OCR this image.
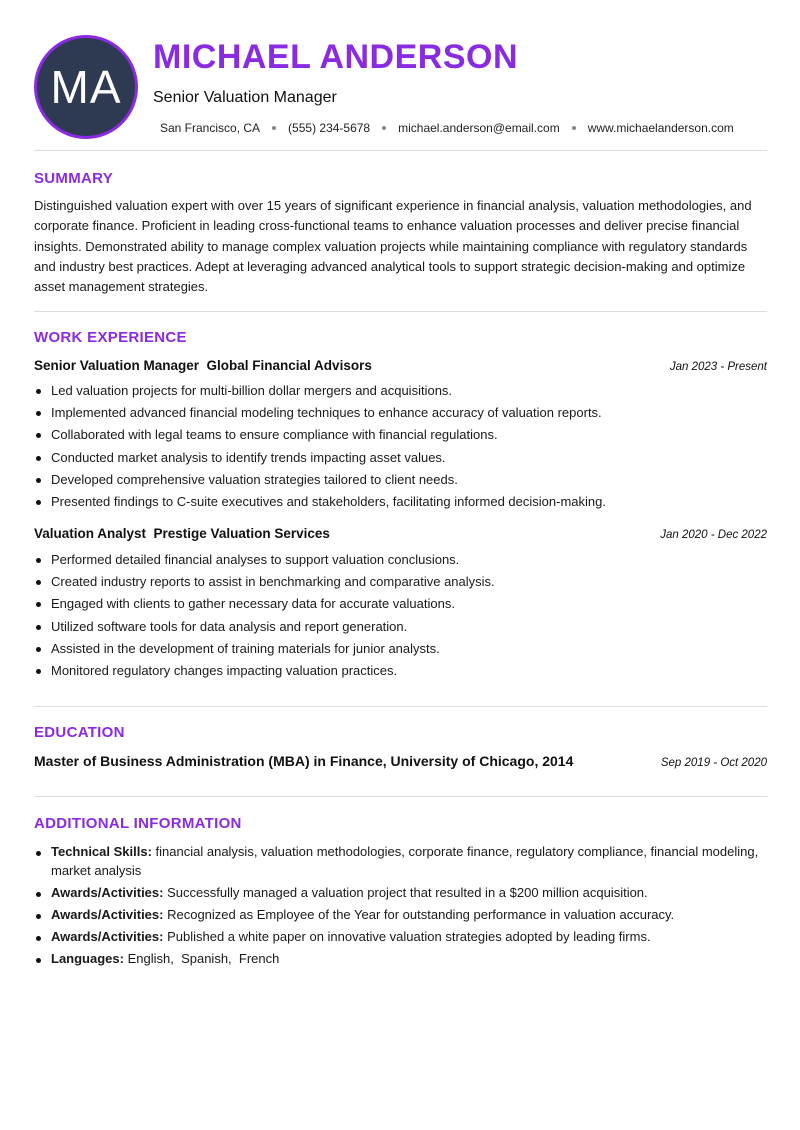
MA
MICHAEL ANDERSON
Senior Valuation Manager
San Francisco, CA (555) 234-5678 michael.anderson@email.com www.michaelanderson.com
SUMMARY

Distinguished valuation expert with over 15 years of significant experience in financial analysis, valuation methodologies, and corporate finance. Proficient in leading cross-functional teams to enhance valuation processes and deliver precise financial insights. Demonstrated ability to manage complex valuation projects while maintaining compliance with regulatory standards and industry best practices. Adept at leveraging advanced analytical tools to support strategic decision-making and optimize asset management strategies.

WORK EXPERIENCE
Senior Valuation Manager  Global Financial Advisors	Jan 2023 - Present
Led valuation projects for multi-billion dollar mergers and acquisitions.
Implemented advanced financial modeling techniques to enhance accuracy of valuation reports.
Collaborated with legal teams to ensure compliance with financial regulations.
Conducted market analysis to identify trends impacting asset values.
Developed comprehensive valuation strategies tailored to client needs.
Presented findings to C-suite executives and stakeholders, facilitating informed decision-making.
Valuation Analyst  Prestige Valuation Services	Jan 2020 - Dec 2022
Performed detailed financial analyses to support valuation conclusions.
Created industry reports to assist in benchmarking and comparative analysis.
Engaged with clients to gather necessary data for accurate valuations.
Utilized software tools for data analysis and report generation.
Assisted in the development of training materials for junior analysts.
Monitored regulatory changes impacting valuation practices.
EDUCATION
Master of Business Administration (MBA) in Finance, University of Chicago, 2014	Sep 2019 - Oct 2020
ADDITIONAL INFORMATION
Technical Skills: financial analysis, valuation methodologies, corporate finance, regulatory compliance, financial modeling, market analysis
Awards/Activities: Successfully managed a valuation project that resulted in a $200 million acquisition.
Awards/Activities: Recognized as Employee of the Year for outstanding performance in valuation accuracy.
Awards/Activities: Published a white paper on innovative valuation strategies adopted by leading firms.
Languages: English,  Spanish,  French
